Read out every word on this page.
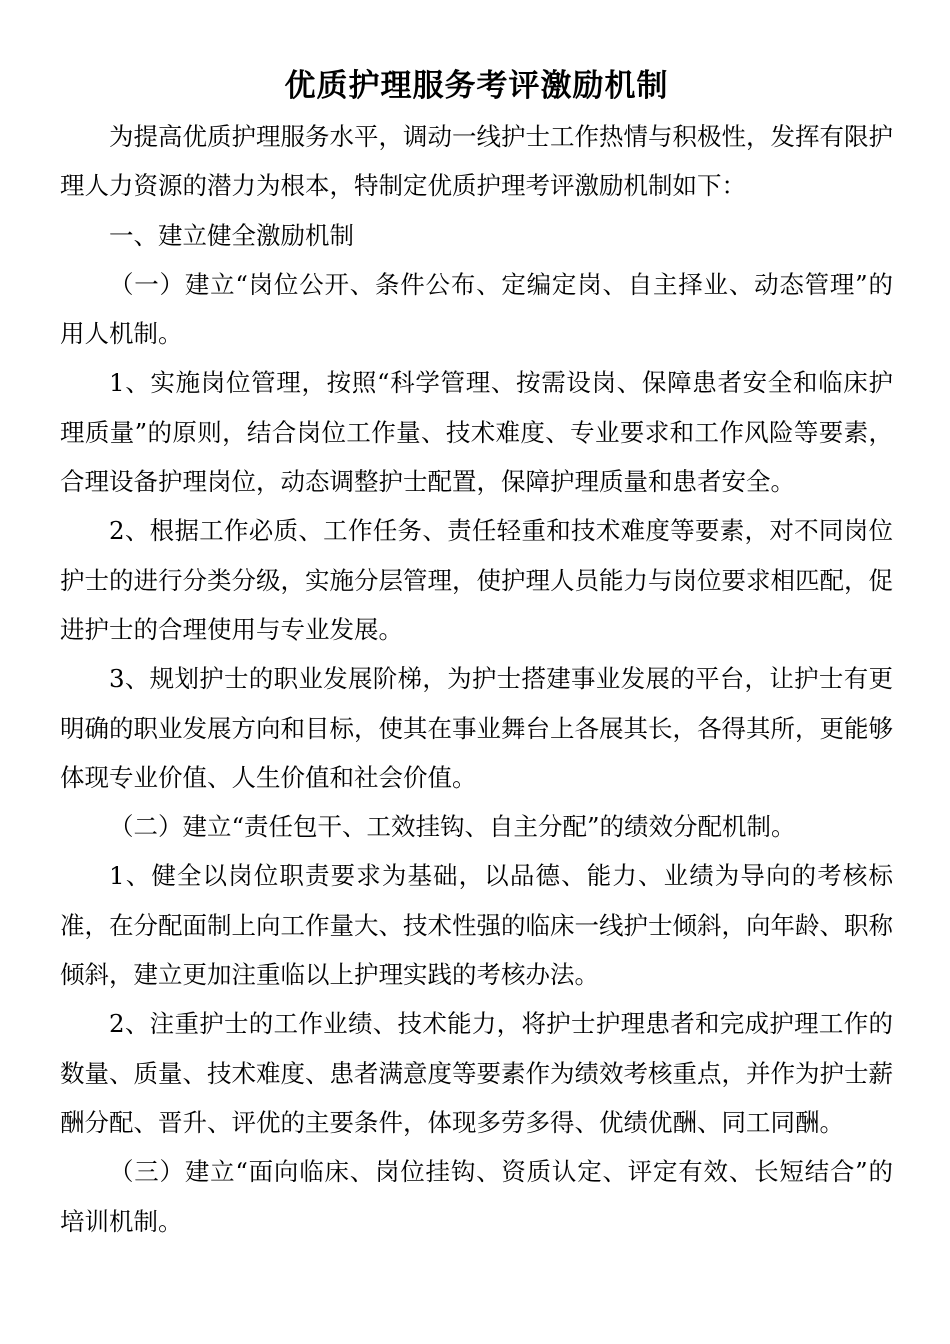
优质护理服务考评激励机制

为提高优质护理服务水平，调动一线护士工作热情与积极性，发挥有限护理人力资源的潜力为根本，特制定优质护理考评激励机制如下：

一、建立健全激励机制

（一）建立“岗位公开、条件公布、定编定岗、自主择业、动态管理”的用人机制。

1、实施岗位管理，按照“科学管理、按需设岗、保障患者安全和临床护理质量”的原则，结合岗位工作量、技术难度、专业要求和工作风险等要素，合理设备护理岗位，动态调整护士配置，保障护理质量和患者安全。

2、根据工作必质、工作任务、责任轻重和技术难度等要素，对不同岗位护士的进行分类分级，实施分层管理，使护理人员能力与岗位要求相匹配，促进护士的合理使用与专业发展。

3、规划护士的职业发展阶梯，为护士搭建事业发展的平台，让护士有更明确的职业发展方向和目标，使其在事业舞台上各展其长，各得其所，更能够体现专业价值、人生价值和社会价值。

（二）建立“责任包干、工效挂钩、自主分配”的绩效分配机制。

1、健全以岗位职责要求为基础，以品德、能力、业绩为导向的考核标准，在分配面制上向工作量大、技术性强的临床一线护士倾斜，向年龄、职称倾斜，建立更加注重临以上护理实践的考核办法。

2、注重护士的工作业绩、技术能力，将护士护理患者和完成护理工作的数量、质量、技术难度、患者满意度等要素作为绩效考核重点，并作为护士薪酬分配、晋升、评优的主要条件，体现多劳多得、优绩优酬、同工同酬。

（三）建立“面向临床、岗位挂钩、资质认定、评定有效、长短结合”的培训机制。
